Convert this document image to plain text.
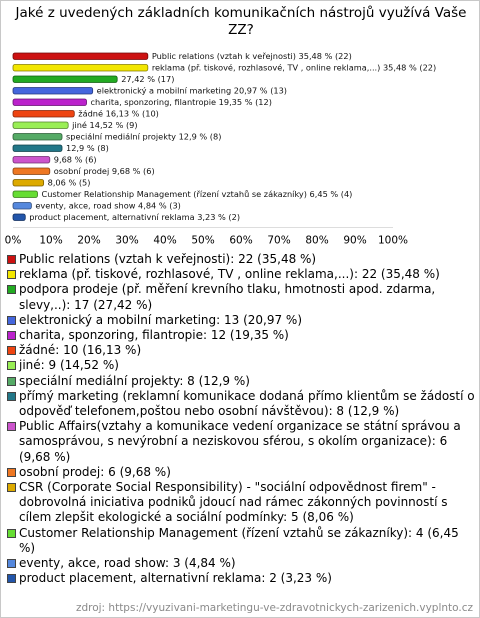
Jaké z uvedených základních komunikačních nástrojů využívá Vaše ZZ?
Public relations (vztah k veřejnosti) 35,48 % (22)
reklama (př. tiskové, rozhlasové, TV , online reklama,...) 35,48 % (22)
27,42 % (17)
elektronický a mobilní marketing 20,97 % (13)
charita, sponzoring, filantropie 19,35 % (12)
žádné 16,13 % (10)
jiné 14,52 % (9)
speciální mediální projekty 12,9 % (8)
12,9 % (8)
9,68 % (6)
osobní prodej 9,68 % (6)
8,06 % (5)
Customer Relationship Management (řízení vztahů se zákazníky) 6,45 % (4)
eventy, akce, road show 4,84 % (3)
product placement, alternativní reklama 3,23 % (2)
0% 10% 20% 30% 40% 50% 60% 70% 80% 90% 100%
Public relations (vztah k veřejnosti): 22 (35,48 %)
reklama (př. tiskové, rozhlasové, TV , online reklama,...): 22 (35,48 %)
podpora prodeje (př. měření krevního tlaku, hmotnosti apod. zdarma, slevy,..): 17 (27,42 %)
elektronický a mobilní marketing: 13 (20,97 %)
charita, sponzoring, filantropie: 12 (19,35 %)
žádné: 10 (16,13 %)
jiné: 9 (14,52 %)
speciální mediální projekty: 8 (12,9 %)
přímý marketing (reklamní komunikace dodaná přímo klientům se žádostí o odpověď telefonem,poštou nebo osobní návštěvou): 8 (12,9 %)
Public Affairs(vztahy a komunikace vedení organizace se státní správou a samosprávou, s nevýrobní a neziskovou sférou, s okolím organizace): 6 (9,68 %)
osobní prodej: 6 (9,68 %)
CSR (Corporate Social Responsibility) - "sociální odpovědnost firem" - dobrovolná iniciativa podniků jdoucí nad rámec zákonných povinností s cílem zlepšit ekologické a sociální podmínky: 5 (8,06 %)
Customer Relationship Management (řízení vztahů se zákazníky): 4 (6,45 %)
eventy, akce, road show: 3 (4,84 %)
product placement, alternativní reklama: 2 (3,23 %)
zdroj: https://vyuzivani-marketingu-ve-zdravotnickych-zarizenich.vyplnto.cz
